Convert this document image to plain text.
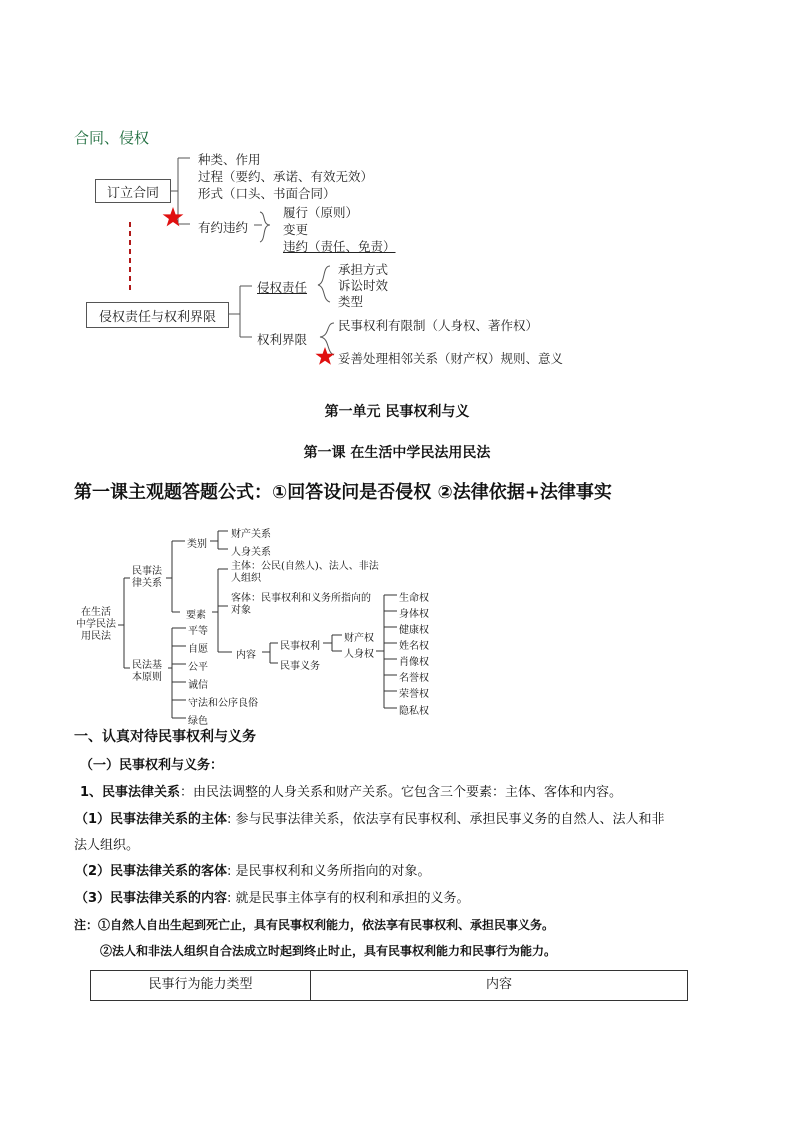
合同、侵权
订立合同
种类、作用
过程（要约、承诺、有效无效）
形式（口头、书面合同）
有约违约
履行（原则）
变更
违约（责任、免责）
侵权责任与权利界限
侵权责任
承担方式
诉讼时效
类型
权利界限
民事权利有限制（人身权、著作权）
妥善处理相邻关系（财产权）规则、意义
第一单元 民事权利与义
第一课 在生活中学民法用民法
第一课主观题答题公式：①回答设问是否侵权 ②法律依据+法律事实
在生活
中学民法
用民法
民事法
律关系
类别
财产关系
人身关系
要素
主体：公民(自然人)、法人、非法
人组织
客体：民事权利和义务所指向的
对象
内容
民事权利
民事义务
财产权
人身权
生命权
身体权
健康权
姓名权
肖像权
名誉权
荣誉权
隐私权
民法基
本原则
平等
自愿
公平
诚信
守法和公序良俗
绿色
一、认真对待民事权利与义务
（一）民事权利与义务：
1、民事法律关系：由民法调整的人身关系和财产关系。它包含三个要素：主体、客体和内容。
（1）民事法律关系的主体: 参与民事法律关系，依法享有民事权利、承担民事义务的自然人、法人和非
法人组织。
（2）民事法律关系的客体: 是民事权利和义务所指向的对象。
（3）民事法律关系的内容: 就是民事主体享有的权利和承担的义务。
注：①自然人自出生起到死亡止，具有民事权利能力，依法享有民事权利、承担民事义务。
②法人和非法人组织自合法成立时起到终止时止，具有民事权利能力和民事行为能力。
民事行为能力类型	内容
